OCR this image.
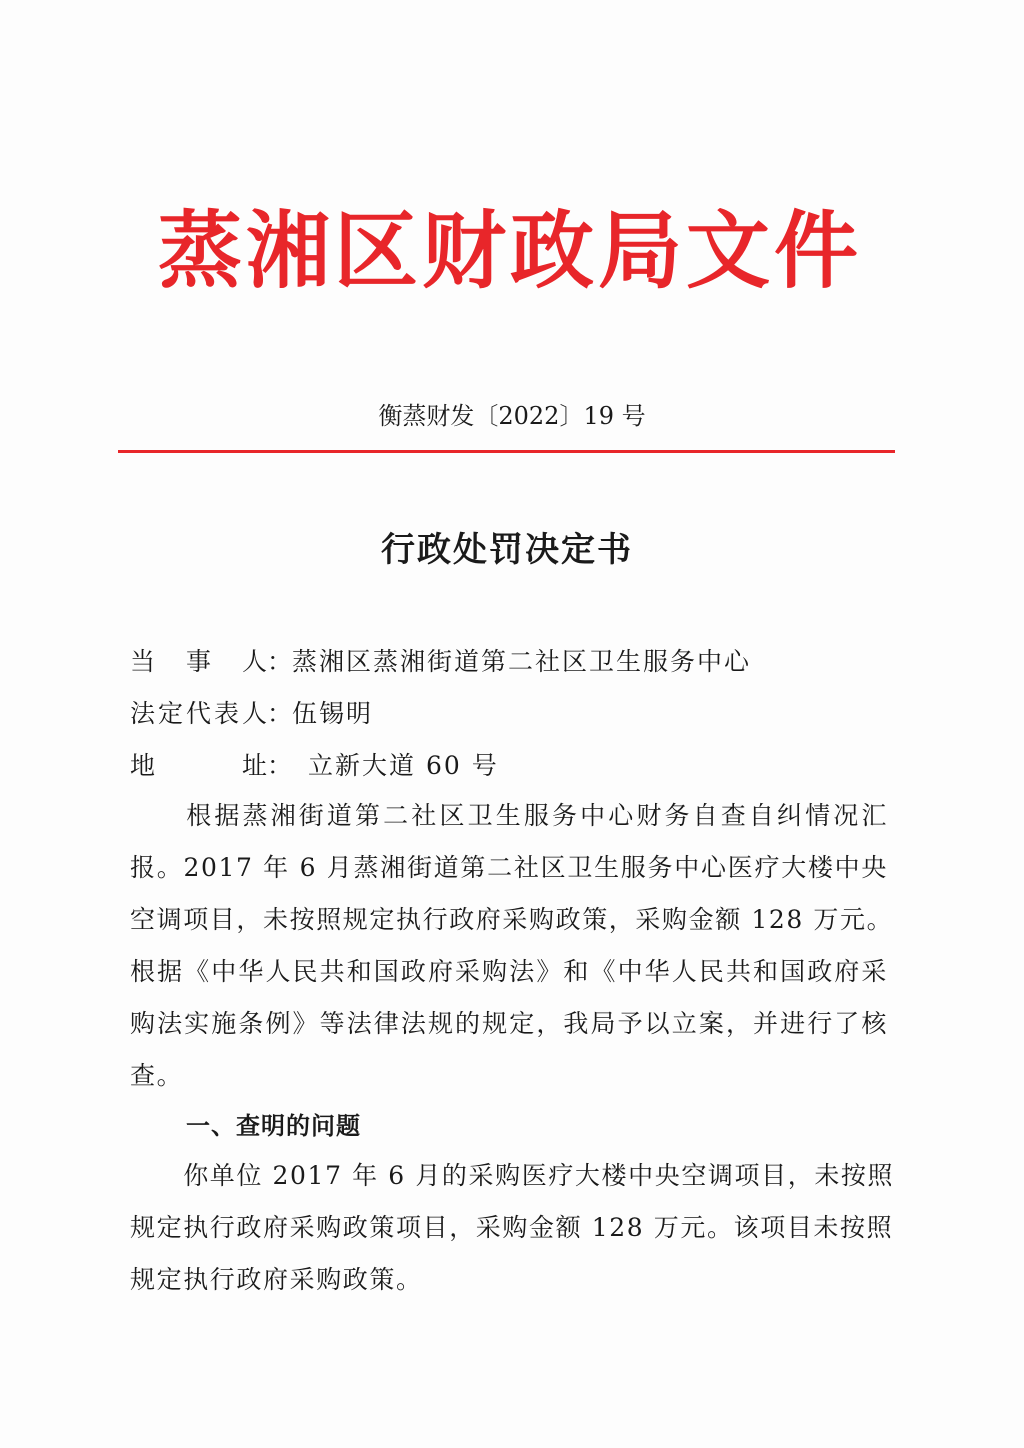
蒸湘区财政局文件
衡蒸财发〔2022〕19 号
行政处罚决定书
当 事 人： 蒸湘区蒸湘街道第二社区卫生服务中心
法 定 代 表 人： 伍锡明
地	址： 立新大道 60 号
　　根据蒸湘街道第二社区卫生服务中心财务自查自纠情况汇
报。2017 年 6 月蒸湘街道第二社区卫生服务中心医疗大楼中央
空调项目，未按照规定执行政府采购政策，采购金额 128 万元。
根据《中华人民共和国政府采购法》和《中华人民共和国政府采
购法实施条例》等法律法规的规定，我局予以立案，并进行了核
查。
一、查明的问题
　　你单位 2017 年 6 月的采购医疗大楼中央空调项目，未按照
规定执行政府采购政策项目，采购金额 128 万元。该项目未按照
规定执行政府采购政策。
